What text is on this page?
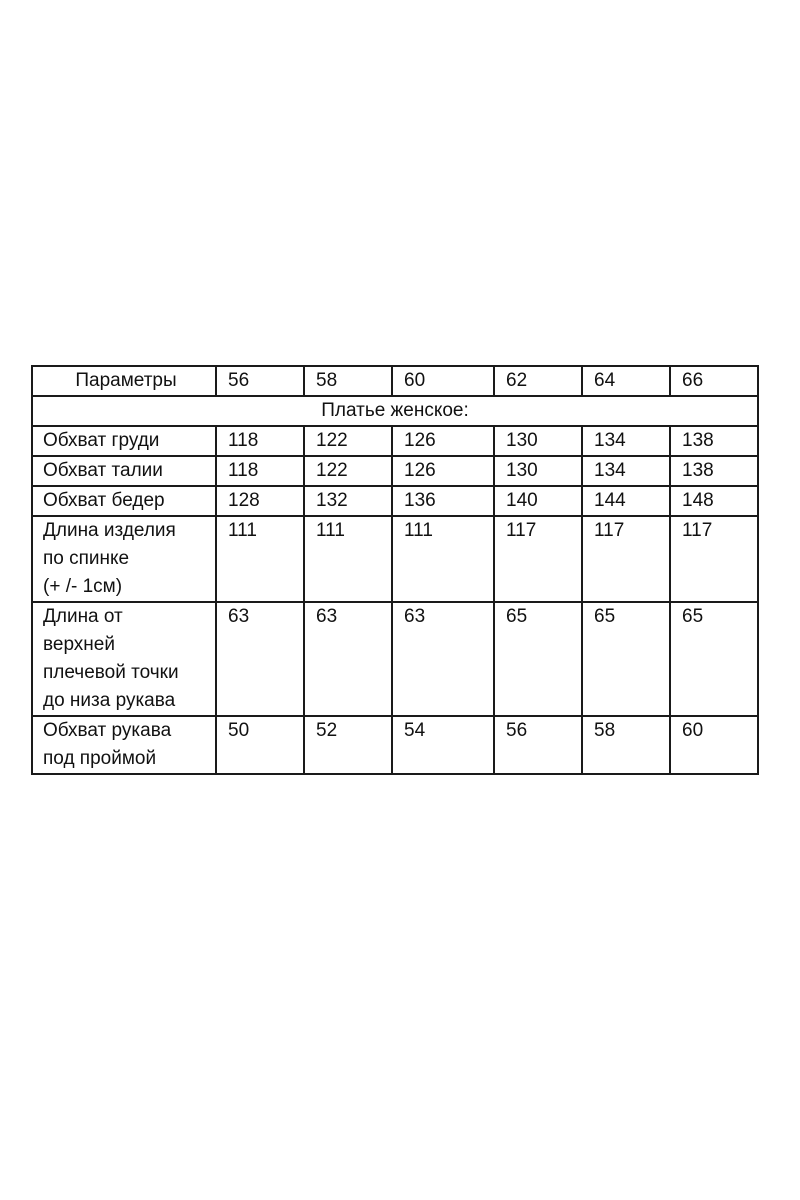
Параметры	56	58	60	62	64	66
Платье женское:						
Обхват груди	118	122	126	130	134	138
Обхват талии	118	122	126	130	134	138
Обхват бедер	128	132	136	140	144	148
Длина изделия
по спинке
(+ /- 1см)	111	111	111	117	117	117
Длина от
верхней
плечевой точки
до низа рукава	63	63	63	65	65	65
Обхват рукава
под проймой	50	52	54	56	58	60
